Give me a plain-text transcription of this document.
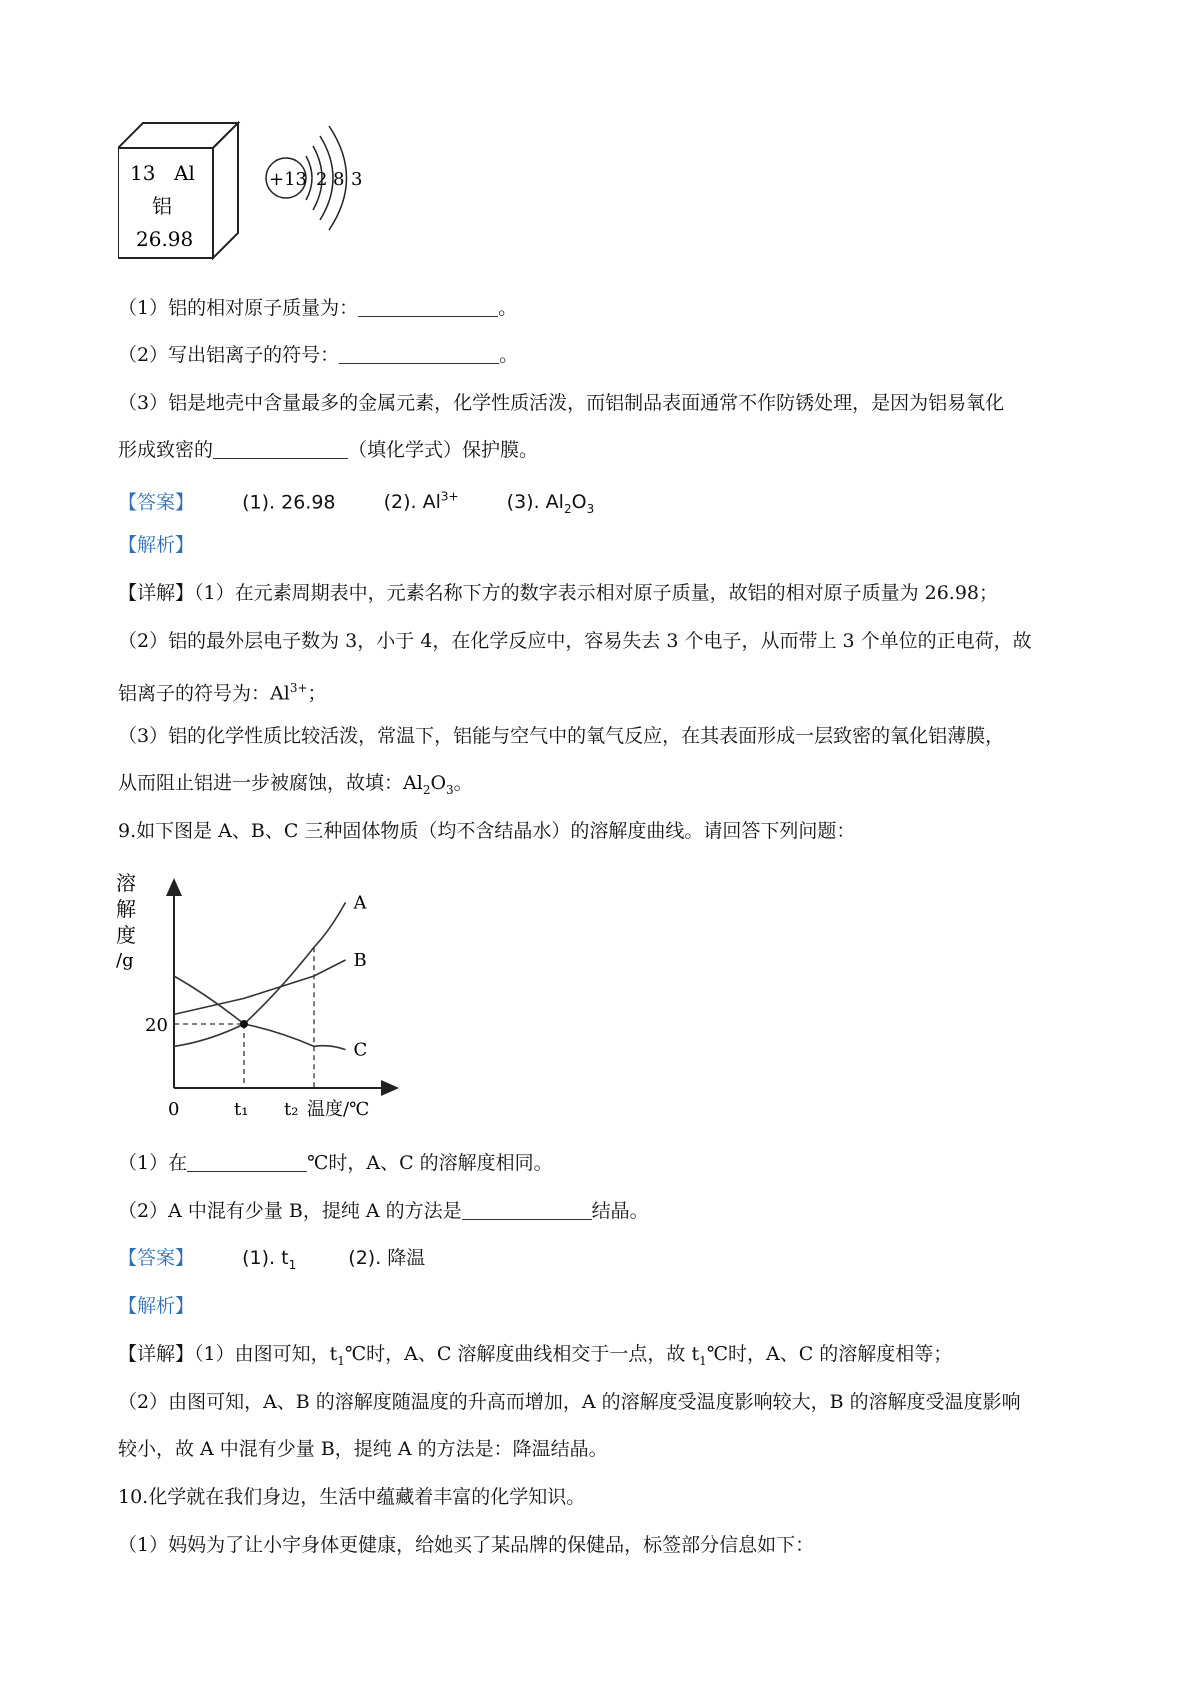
13 Al
铝
26.98
+13 2 8 3
（1）铝的相对原子质量为：	。
（2）写出铝离子的符号：	。
（3）铝是地壳中含量最多的金属元素，化学性质活泼，而铝制品表面通常不作防锈处理，是因为铝易氧化
形成致密的	（填化学式）保护膜。
【答案】	(1). 26.98	(2). $Al^{3+}$	(3). $Al_2O_3$
【解析】
【详解】（1）在元素周期表中，元素名称下方的数字表示相对原子质量，故铝的相对原子质量为 26.98；
（2）铝的最外层电子数为 3，小于 4，在化学反应中，容易失去 3 个电子，从而带上 3 个单位的正电荷，故
铝离子的符号为：$Al^{3+}$；
（3）铝的化学性质比较活泼，常温下，铝能与空气中的氧气反应，在其表面形成一层致密的氧化铝薄膜，
从而阻止铝进一步被腐蚀，故填：$Al_2O_3$。
9.如下图是 A、B、C 三种固体物质（均不含结晶水）的溶解度曲线。请回答下列问题：
溶
解
度
/g
A
B
C
20
0	t₁ t₂ 温度/℃
（1）在	℃时，A、C 的溶解度相同。
（2）A 中混有少量 B，提纯 A 的方法是	结晶。
【答案】	(1). $t_1$	(2). 降温
【解析】
【详解】（1）由图可知，$t_1℃$时，A、C 溶解度曲线相交于一点，故 $t_1℃$时，A、C 的溶解度相等；
（2）由图可知，A、B 的溶解度随温度的升高而增加，A 的溶解度受温度影响较大，B 的溶解度受温度影响
较小，故 A 中混有少量 B，提纯 A 的方法是：降温结晶。
10.化学就在我们身边，生活中蕴藏着丰富的化学知识。
（1）妈妈为了让小宇身体更健康，给她买了某品牌的保健品，标签部分信息如下：
